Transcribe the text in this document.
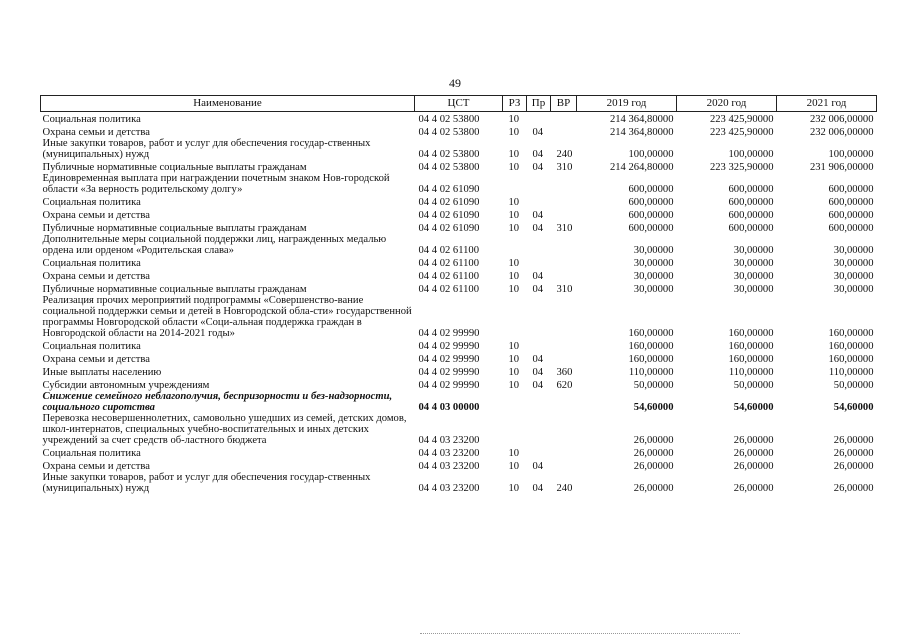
49
Наименование	ЦСТ	РЗ	Пр	ВР	2019 год	2020 год	2021 год
Социальная политика	04 4 02 53800	10			214 364,80000	223 425,90000	232 006,00000
Охрана семьи и детства	04 4 02 53800	10	04		214 364,80000	223 425,90000	232 006,00000
Иные закупки товаров, работ и услуг для обеспечения государ-ственных (муниципальных) нужд	04 4 02 53800	10	04	240	100,00000	100,00000	100,00000
Публичные нормативные социальные выплаты гражданам	04 4 02 53800	10	04	310	214 264,80000	223 325,90000	231 906,00000
Единовременная выплата при награждении почетным знаком Нов-городской области «За верность родительскому долгу»	04 4 02 61090				600,00000	600,00000	600,00000
Социальная политика	04 4 02 61090	10			600,00000	600,00000	600,00000
Охрана семьи и детства	04 4 02 61090	10	04		600,00000	600,00000	600,00000
Публичные нормативные социальные выплаты гражданам	04 4 02 61090	10	04	310	600,00000	600,00000	600,00000
Дополнительные меры социальной поддержки лиц, награжденных медалью ордена или орденом «Родительская слава»	04 4 02 61100				30,00000	30,00000	30,00000
Социальная политика	04 4 02 61100	10			30,00000	30,00000	30,00000
Охрана семьи и детства	04 4 02 61100	10	04		30,00000	30,00000	30,00000
Публичные нормативные социальные выплаты гражданам	04 4 02 61100	10	04	310	30,00000	30,00000	30,00000
Реализация прочих мероприятий подпрограммы «Совершенство-вание социальной поддержки семьи и детей в Новгородской обла-сти» государственной программы Новгородской области «Соци-альная поддержка граждан в Новгородской области на 2014-2021 годы»	04 4 02 99990				160,00000	160,00000	160,00000
Социальная политика	04 4 02 99990	10			160,00000	160,00000	160,00000
Охрана семьи и детства	04 4 02 99990	10	04		160,00000	160,00000	160,00000
Иные выплаты населению	04 4 02 99990	10	04	360	110,00000	110,00000	110,00000
Субсидии автономным учреждениям	04 4 02 99990	10	04	620	50,00000	50,00000	50,00000
Снижение семейного неблагополучия, беспризорности и без-надзорности, социального сиротства	04 4 03 00000				54,60000	54,60000	54,60000
Перевозка несовершеннолетних, самовольно ушедших из семей, детских домов, школ-интернатов, специальных учебно-воспитательных и иных детских учреждений за счет средств об-ластного бюджета	04 4 03 23200				26,00000	26,00000	26,00000
Социальная политика	04 4 03 23200	10			26,00000	26,00000	26,00000
Охрана семьи и детства	04 4 03 23200	10	04		26,00000	26,00000	26,00000
Иные закупки товаров, работ и услуг для обеспечения государ-ственных (муниципальных) нужд	04 4 03 23200	10	04	240	26,00000	26,00000	26,00000
